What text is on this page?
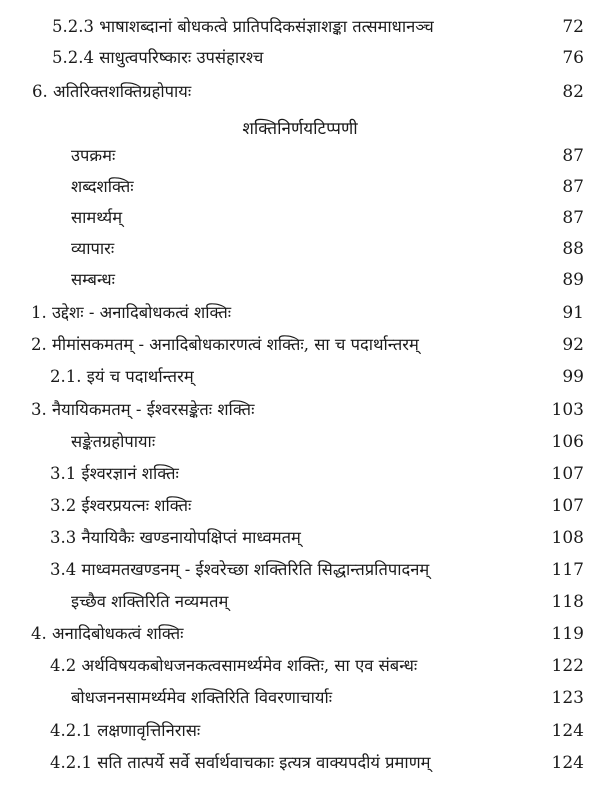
5.2.3 भाषाशब्दानां बोधकत्वे प्रातिपदिकसंज्ञाशङ्का तत्समाधानञ्च	72
5.2.4 साधुत्वपरिष्कारः उपसंहारश्च	76
6. अतिरिक्तशक्तिग्रहोपायः	82
शक्तिनिर्णयटिप्पणी
उपक्रमः	87
शब्दशक्तिः	87
सामर्थ्यम्	87
व्यापारः	88
सम्बन्धः	89
1. उद्देशः - अनादिबोधकत्वं शक्तिः	91
2. मीमांसकमतम् - अनादिबोधकारणत्वं शक्तिः, सा च पदार्थान्तरम्	92
2.1. इयं च पदार्थान्तरम्	99
3. नैयायिकमतम् - ईश्वरसङ्केतः शक्तिः	103
सङ्केतग्रहोपायाः	106
3.1 ईश्वरज्ञानं शक्तिः	107
3.2 ईश्वरप्रयत्नः शक्तिः	107
3.3 नैयायिकैः खण्डनायोपक्षिप्तं माध्वमतम्	108
3.4 माध्वमतखण्डनम् - ईश्वरेच्छा शक्तिरिति सिद्धान्तप्रतिपादनम्	117
इच्छैव शक्तिरिति नव्यमतम्	118
4. अनादिबोधकत्वं शक्तिः	119
4.2 अर्थविषयकबोधजनकत्वसामर्थ्यमेव शक्तिः, सा एव संबन्धः	122
बोधजननसामर्थ्यमेव शक्तिरिति विवरणाचार्याः	123
4.2.1 लक्षणावृत्तिनिरासः	124
4.2.1 सति तात्पर्ये सर्वे सर्वार्थवाचकाः इत्यत्र वाक्यपदीयं प्रमाणम्	124
